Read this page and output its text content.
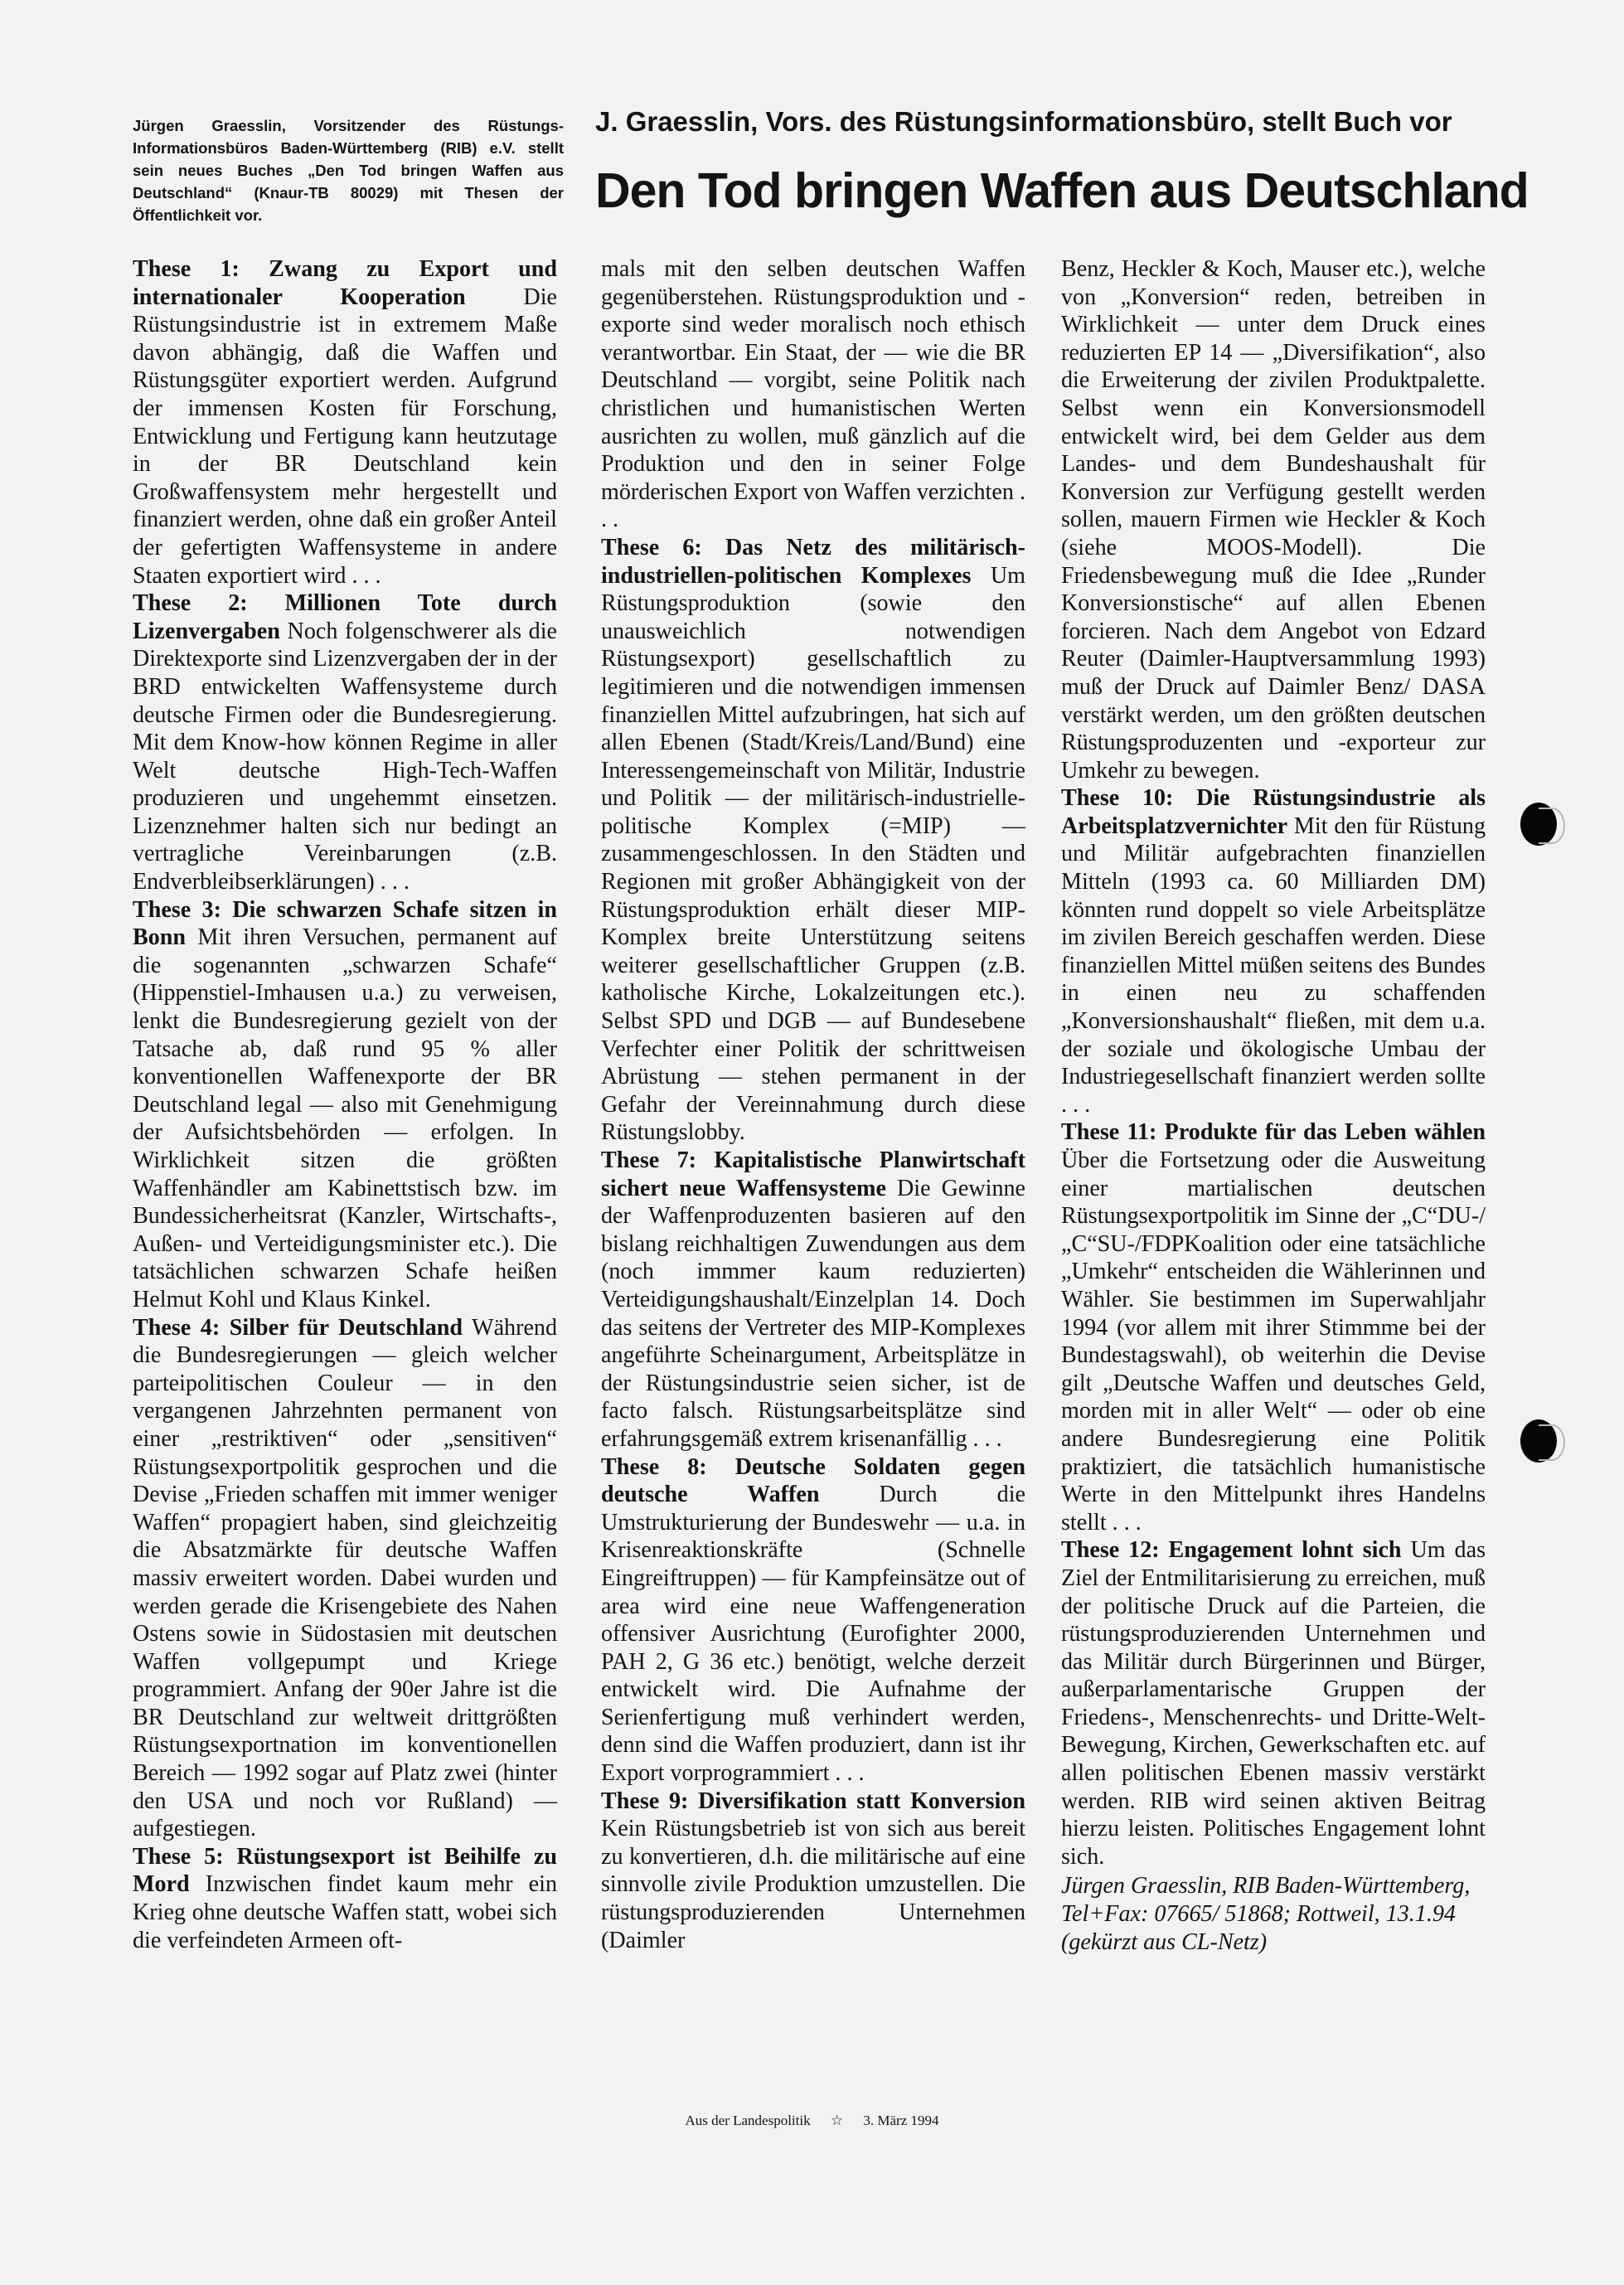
Jürgen Graesslin, Vorsitzender des Rüstungs-Informationsbüros Baden-Württemberg (RIB) e.V. stellt sein neues Buches „Den Tod bringen Waffen aus Deutschland“ (Knaur-TB 80029) mit Thesen der Öffentlichkeit vor.
J. Graesslin, Vors. des Rüstungsinformationsbüro, stellt Buch vor
Den Tod bringen Waffen aus Deutschland

These 1: Zwang zu Export und internationaler Kooperation Die Rüstungsindustrie ist in extremem Maße davon abhängig, daß die Waffen und Rüstungsgüter exportiert werden. Aufgrund der immensen Kosten für Forschung, Entwicklung und Fertigung kann heutzutage in der BR Deutschland kein Großwaffensystem mehr hergestellt und finanziert werden, ohne daß ein großer Anteil der gefertigten Waffensysteme in andere Staaten exportiert wird . . .

These 2: Millionen Tote durch Lizenvergaben Noch folgenschwerer als die Direktexporte sind Lizenzvergaben der in der BRD entwickelten Waffensysteme durch deutsche Firmen oder die Bundesregierung. Mit dem Know-how können Regime in aller Welt deutsche High-Tech-Waffen produzieren und ungehemmt einsetzen. Lizenznehmer halten sich nur bedingt an vertragliche Vereinbarungen (z.B. Endverbleibserklärungen) . . .

These 3: Die schwarzen Schafe sitzen in Bonn Mit ihren Versuchen, permanent auf die sogenannten „schwarzen Schafe“ (Hippenstiel-Imhausen u.a.) zu verweisen, lenkt die Bundesregierung gezielt von der Tatsache ab, daß rund 95 % aller konventionellen Waffenexporte der BR Deutschland legal — also mit Genehmigung der Aufsichtsbehörden — erfolgen. In Wirklichkeit sitzen die größten Waffenhändler am Kabinettstisch bzw. im Bundessicherheitsrat (Kanzler, Wirtschafts-, Außen- und Verteidigungsminister etc.). Die tatsächlichen schwarzen Schafe heißen Helmut Kohl und Klaus Kinkel.

These 4: Silber für Deutschland Während die Bundesregierungen — gleich welcher parteipolitischen Couleur — in den vergangenen Jahrzehnten permanent von einer „restriktiven“ oder „sensitiven“ Rüstungsexportpolitik gesprochen und die Devise „Frieden schaffen mit immer weniger Waffen“ propagiert haben, sind gleichzeitig die Absatzmärkte für deutsche Waffen massiv erweitert worden. Dabei wurden und werden gerade die Krisengebiete des Nahen Ostens sowie in Südostasien mit deutschen Waffen vollgepumpt und Kriege programmiert. Anfang der 90er Jahre ist die BR Deutschland zur weltweit drittgrößten Rüstungsexportnation im konventionellen Bereich — 1992 sogar auf Platz zwei (hinter den USA und noch vor Rußland) — aufgestiegen.

These 5: Rüstungsexport ist Beihilfe zu Mord Inzwischen findet kaum mehr ein Krieg ohne deutsche Waffen statt, wobei sich die verfeindeten Armeen oft-

mals mit den selben deutschen Waffen gegenüberstehen. Rüstungsproduktion und -exporte sind weder moralisch noch ethisch verantwortbar. Ein Staat, der — wie die BR Deutschland — vorgibt, seine Politik nach christlichen und humanistischen Werten ausrichten zu wollen, muß gänzlich auf die Produktion und den in seiner Folge mörderischen Export von Waffen verzichten . . .

These 6: Das Netz des militärisch-industriellen-politischen Komplexes Um Rüstungsproduktion (sowie den unausweichlich notwendigen Rüstungsexport) gesellschaftlich zu legitimieren und die notwendigen immensen finanziellen Mittel aufzubringen, hat sich auf allen Ebenen (Stadt/Kreis/Land/Bund) eine Interessengemeinschaft von Militär, Industrie und Politik — der militärisch-industrielle-politische Komplex (=MIP) — zusammengeschlossen. In den Städten und Regionen mit großer Abhängigkeit von der Rüstungsproduktion erhält dieser MIP-Komplex breite Unterstützung seitens weiterer gesellschaftlicher Gruppen (z.B. katholische Kirche, Lokalzeitungen etc.). Selbst SPD und DGB — auf Bundesebene Verfechter einer Politik der schrittweisen Abrüstung — stehen permanent in der Gefahr der Vereinnahmung durch diese Rüstungslobby.

These 7: Kapitalistische Planwirtschaft sichert neue Waffensysteme Die Gewinne der Waffenproduzenten basieren auf den bislang reichhaltigen Zuwendungen aus dem (noch immmer kaum reduzierten) Verteidigungshaushalt/Einzelplan 14. Doch das seitens der Vertreter des MIP-Komplexes angeführte Scheinargument, Arbeitsplätze in der Rüstungsindustrie seien sicher, ist de facto falsch. Rüstungsarbeitsplätze sind erfahrungsgemäß extrem krisenanfällig . . .

These 8: Deutsche Soldaten gegen deutsche Waffen Durch die Umstrukturierung der Bundeswehr — u.a. in Krisenreaktionskräfte (Schnelle Eingreiftruppen) — für Kampfeinsätze out of area wird eine neue Waffengeneration offensiver Ausrichtung (Eurofighter 2000, PAH 2, G 36 etc.) benötigt, welche derzeit entwickelt wird. Die Aufnahme der Serienfertigung muß verhindert werden, denn sind die Waffen produziert, dann ist ihr Export vorprogrammiert . . .

These 9: Diversifikation statt Konversion Kein Rüstungsbetrieb ist von sich aus bereit zu konvertieren, d.h. die militärische auf eine sinnvolle zivile Produktion umzustellen. Die rüstungsproduzierenden Unternehmen (Daimler

Benz, Heckler & Koch, Mauser etc.), welche von „Konversion“ reden, betreiben in Wirklichkeit — unter dem Druck eines reduzierten EP 14 — „Diversifikation“, also die Erweiterung der zivilen Produktpalette. Selbst wenn ein Konversionsmodell entwickelt wird, bei dem Gelder aus dem Landes- und dem Bundeshaushalt für Konversion zur Verfügung gestellt werden sollen, mauern Firmen wie Heckler & Koch (siehe MOOS-Modell). Die Friedensbewegung muß die Idee „Runder Konversionstische“ auf allen Ebenen forcieren. Nach dem Angebot von Edzard Reuter (Daimler-Hauptversammlung 1993) muß der Druck auf Daimler Benz/ DASA verstärkt werden, um den größten deutschen Rüstungsproduzenten und -exporteur zur Umkehr zu bewegen.

These 10: Die Rüstungsindustrie als Arbeitsplatzvernichter Mit den für Rüstung und Militär aufgebrachten finanziellen Mitteln (1993 ca. 60 Milliarden DM) könnten rund doppelt so viele Arbeitsplätze im zivilen Bereich geschaffen werden. Diese finanziellen Mittel müßen seitens des Bundes in einen neu zu schaffenden „Konversionshaushalt“ fließen, mit dem u.a. der soziale und ökologische Umbau der Industriegesellschaft finanziert werden sollte . . .

These 11: Produkte für das Leben wählen Über die Fortsetzung oder die Ausweitung einer martialischen deutschen Rüstungsexportpolitik im Sinne der „C“DU-/„C“SU-/FDPKoalition oder eine tatsächliche „Umkehr“ entscheiden die Wählerinnen und Wähler. Sie bestimmen im Superwahljahr 1994 (vor allem mit ihrer Stimmme bei der Bundestagswahl), ob weiterhin die Devise gilt „Deutsche Waffen und deutsches Geld, morden mit in aller Welt“ — oder ob eine andere Bundesregierung eine Politik praktiziert, die tatsächlich humanistische Werte in den Mittelpunkt ihres Handelns stellt . . .

These 12: Engagement lohnt sich Um das Ziel der Entmilitarisierung zu erreichen, muß der politische Druck auf die Parteien, die rüstungsproduzierenden Unternehmen und das Militär durch Bürgerinnen und Bürger, außerparlamentarische Gruppen der Friedens-, Menschenrechts- und Dritte-Welt-Bewegung, Kirchen, Gewerkschaften etc. auf allen politischen Ebenen massiv verstärkt werden. RIB wird seinen aktiven Beitrag hierzu leisten. Politisches Engagement lohnt sich.

Jürgen Graesslin, RIB Baden-Württemberg, Tel+Fax: 07665/ 51868; Rottweil, 13.1.94 (gekürzt aus CL-Netz)

Aus der Landespolitik ☆ 3. März 1994
